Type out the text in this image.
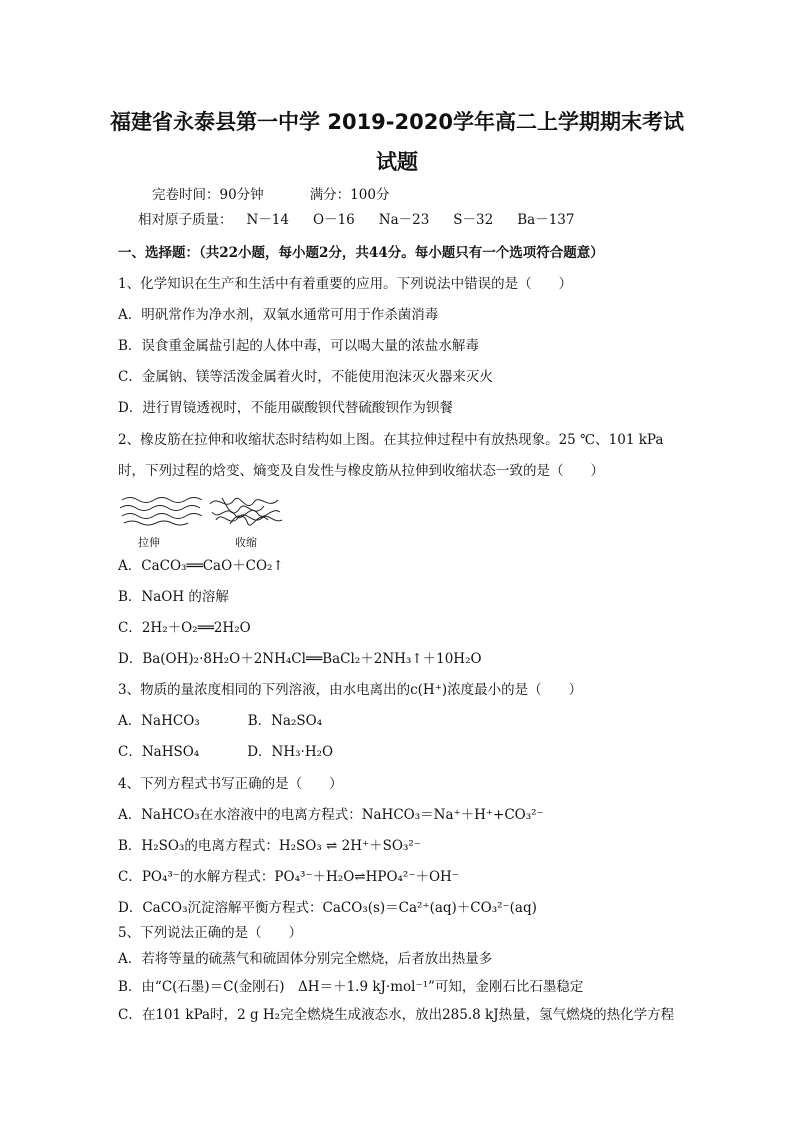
福建省永泰县第一中学 2019-2020学年高二上学期期末考试
试题
完卷时间：90分钟	满分：100分
相对原子质量： N－14 O－16 Na－23 S－32 Ba－137
一、选择题：（共22小题，每小题2分，共44分。每小题只有一个选项符合题意）
1、化学知识在生产和生活中有着重要的应用。下列说法中错误的是（　　）
A．明矾常作为净水剂，双氧水通常可用于作杀菌消毒
B．误食重金属盐引起的人体中毒，可以喝大量的浓盐水解毒
C．金属钠、镁等活泼金属着火时，不能使用泡沫灭火器来灭火
D．进行胃镜透视时，不能用碳酸钡代替硫酸钡作为钡餐
2、橡皮筋在拉伸和收缩状态时结构如上图。在其拉伸过程中有放热现象。25 ℃、101 kPa
时，下列过程的焓变、熵变及自发性与橡皮筋从拉伸到收缩状态一致的是（　　）
拉伸	收缩
A．CaCO₃══CaO＋CO₂↑
B．NaOH 的溶解
C．2H₂＋O₂══2H₂O
D．Ba(OH)₂·8H₂O＋2NH₄Cl══BaCl₂＋2NH₃↑＋10H₂O
3、物质的量浓度相同的下列溶液，由水电离出的c(H⁺)浓度最小的是（　　）
A．NaHCO₃	B．Na₂SO₄
C．NaHSO₄	D．NH₃·H₂O
4、下列方程式书写正确的是（　　）
A．NaHCO₃在水溶液中的电离方程式：NaHCO₃＝Na⁺＋H⁺+CO₃²⁻
B．H₂SO₃的电离方程式：H₂SO₃ ⇌ 2H⁺＋SO₃²⁻
C．PO₄³⁻的水解方程式：PO₄³⁻＋H₂O⇌HPO₄²⁻＋OH⁻
D．CaCO₃沉淀溶解平衡方程式：CaCO₃(s)＝Ca²⁺(aq)＋CO₃²⁻(aq)
5、下列说法正确的是（　　）
A．若将等量的硫蒸气和硫固体分别完全燃烧，后者放出热量多
B．由“C(石墨)＝C(金刚石)　ΔH＝＋1.9 kJ·mol⁻¹”可知，金刚石比石墨稳定
C．在101 kPa时，2 g H₂完全燃烧生成液态水，放出285.8 kJ热量，氢气燃烧的热化学方程
